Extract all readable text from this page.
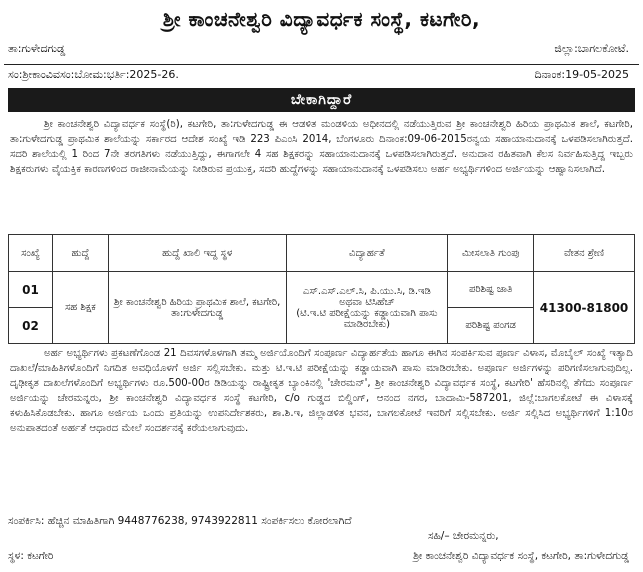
ಶ್ರೀ ಕಾಂಚನೇಶ್ವರಿ ವಿದ್ಯಾವರ್ಧಕ ಸಂಸ್ಥೆ, ಕಟಗೇರಿ,
ತಾ:ಗುಳೇದಗುಡ್ಡ	ಜಿಲ್ಲಾ:ಬಾಗಲಕೋಟೆ.
ಸಂ:ಶ್ರೀಕಾಂವಿವಸಂ:ಬೋಮ:ಭರ್ತಿ:2025-26.	ದಿನಾಂಕ:19-05-2025
ಬೇಕಾಗಿದ್ದಾರೆ
ಶ್ರೀ ಕಾಂಚನೇಶ್ವರಿ ವಿದ್ಯಾವರ್ಧಕ ಸಂಸ್ಥೆ(ರಿ), ಕಟಗೇರಿ, ತಾ:ಗುಳೇದಗುಡ್ಡ ಈ ಆಡಳಿತ ಮಂಡಳಿಯ ಅಧೀನದಲ್ಲಿ ನಡೆಯುತ್ತಿರುವ ಶ್ರೀ ಕಾಂಚನೇಶ್ವರಿ ಹಿರಿಯ ಪ್ರಾಥಮಿಕ ಶಾಲೆ, ಕಟಗೇರಿ, ತಾ:ಗುಳೇದಗುಡ್ಡ ಪ್ರಾಥಮಿಕ ಶಾಲೆಯನ್ನು ಸರ್ಕಾರದ ಆದೇಶ ಸಂಖ್ಯೆ ಇಡಿ 223 ಪಿಎಂಸಿ 2014, ಬೆಂಗಳೂರು ದಿನಾಂಕ:09-06-2015ರನ್ವಯ ಸಹಾಯಾನುದಾನಕ್ಕೆ ಒಳಪಡಿಸಲಾಗಿರುತ್ತದೆ. ಸದರಿ ಶಾಲೆಯಲ್ಲಿ 1 ರಿಂದ 7ನೇ ತರಗತಿಗಳು ನಡೆಯುತ್ತಿದ್ದು, ಈಗಾಗಲೇ 4 ಸಹ ಶಿಕ್ಷಕರನ್ನು ಸಹಾಯಾನುದಾನಕ್ಕೆ ಒಳಪಡಿಸಲಾಗಿರುತ್ತದೆ. ಅನುದಾನ ರಹಿತವಾಗಿ ಕೆಲಸ ನಿರ್ವಹಿಸುತ್ತಿದ್ದ ಇಬ್ಬರು ಶಿಕ್ಷಕರುಗಳು ವೈಯಕ್ತಿಕ ಕಾರಣಗಳಿಂದ ರಾಜೀನಾಮೆಯನ್ನು ನೀಡಿರುವ ಪ್ರಯುಕ್ತ, ಸದರಿ ಹುದ್ದೆಗಳನ್ನು ಸಹಾಯಾನುದಾನಕ್ಕೆ ಒಳಪಡಿಸಲು ಅರ್ಹ ಅಭ್ಯರ್ಥಿಗಳಿಂದ ಅರ್ಜಿಯನ್ನು ಆಹ್ವಾನಿಸಲಾಗಿದೆ.
ಸಂಖ್ಯೆ	ಹುದ್ದೆ	ಹುದ್ದೆ ಖಾಲಿ ಇದ್ದ ಸ್ಥಳ	ವಿದ್ಯಾರ್ಹತೆ	ಮೀಸಲಾತಿ ಗುಂಪು	ವೇತನ ಶ್ರೇಣಿ
01	ಸಹ ಶಿಕ್ಷಕ	ಶ್ರೀ ಕಾಂಚನೇಶ್ವರಿ ಹಿರಿಯ ಪ್ರಾಥಮಿಕ ಶಾಲೆ, ಕಟಗೇರಿ, ತಾ:ಗುಳೇದಗುಡ್ಡ	ಎಸ್.ಎಸ್.ಎಲ್.ಸಿ, ಪಿ.ಯು.ಸಿ, ಡಿ.ಇಡಿ
ಅಥವಾ ಟಿಸಿಹೆಚ್
(ಟಿ.ಇ.ಟಿ ಪರೀಕ್ಷೆಯನ್ನು ಕಡ್ಡಾಯವಾಗಿ ಪಾಸು ಮಾಡಿರಬೇಕು)	ಪರಿಶಿಷ್ಟ ಜಾತಿ	41300-81800
02				ಪರಿಶಿಷ್ಟ ಪಂಗಡ	
ಅರ್ಹ ಅಭ್ಯರ್ಥಿಗಳು ಪ್ರಕಟಣೆಗೊಂಡ 21 ದಿವಸಗಳೊಳಗಾಗಿ ತಮ್ಮ ಅರ್ಜಿಯೊಂದಿಗೆ ಸಂಪೂರ್ಣ ವಿದ್ಯಾರ್ಹತೆಯ ಹಾಗೂ ಈಗಿನ ಸಂಪರ್ಕಿಸುವ ಪೂರ್ಣ ವಿಳಾಸ, ಮೊಬೈಲ್ ಸಂಖ್ಯೆ ಇತ್ಯಾದಿ ದಾಖಲೆ/ಮಾಹಿತಿಗಳೊಂದಿಗೆ ನಿಗದಿತ ಅವಧಿಯೊಳಗೆ ಅರ್ಜಿ ಸಲ್ಲಿಸಬೇಕು. ಮತ್ತು ಟಿ.ಇ.ಟಿ ಪರೀಕ್ಷೆಯನ್ನು ಕಡ್ಡಾಯವಾಗಿ ಪಾಸು ಮಾಡಿರಬೇಕು. ಅಪೂರ್ಣ ಅರ್ಜಿಗಳನ್ನು ಪರಿಗಣಿಸಲಾಗುವುದಿಲ್ಲ. ದೃಢೀಕೃತ ದಾಖಲೆಗಳೊಂದಿಗೆ ಅಭ್ಯರ್ಥಿಗಳು ರೂ.500-00ರ ಡಿಡಿಯನ್ನು ರಾಷ್ಟ್ರೀಕೃತ ಬ್ಯಾಂಕಿನಲ್ಲಿ 'ಚೇರಮನ್', ಶ್ರೀ ಕಾಂಚನೇಶ್ವರಿ ವಿದ್ಯಾವರ್ಧಕ ಸಂಸ್ಥೆ, ಕಟಗೇರಿ' ಹೆಸರಿನಲ್ಲಿ ತೆಗೆದು ಸಂಪೂರ್ಣ ಅರ್ಜಿಯನ್ನು ಚೇರಮನ್ನರು, ಶ್ರೀ ಕಾಂಚನೇಶ್ವರಿ ವಿದ್ಯಾವರ್ಧಕ ಸಂಸ್ಥೆ ಕಟಗೇರಿ, c/o ಗುಡ್ಡದ ಬಿಲ್ಡಿಂಗ್, ಆನಂದ ನಗರ, ಬಾದಾಮಿ-587201, ಜಿಲ್ಲೆ:ಬಾಗಲಕೋಟೆ ಈ ವಿಳಾಸಕ್ಕೆ ಕಳುಹಿಸಿಕೊಡಬೇಕು. ಹಾಗೂ ಅರ್ಜಿಯ ಒಂದು ಪ್ರತಿಯನ್ನು ಉಪನಿರ್ದೇಶಕರು, ಶಾ.ಶಿ.ಇ, ಜಿಲ್ಲಾಡಳಿತ ಭವನ, ಬಾಗಲಕೋಟೆ ಇವರಿಗೆ ಸಲ್ಲಿಸಬೇಕು. ಅರ್ಜಿ ಸಲ್ಲಿಸಿದ ಅಭ್ಯರ್ಥಿಗಳಿಗೆ 1:10ರ ಅನುಪಾತದಂತೆ ಅರ್ಹತೆ ಆಧಾರದ ಮೇಲೆ ಸಂದರ್ಶನಕ್ಕೆ ಕರೆಯಲಾಗುವುದು.
ಸಂಪರ್ಕಿಸಿ: ಹೆಚ್ಚಿನ ಮಾಹಿತಿಗಾಗಿ 9448776238, 9743922811 ಸಂಪರ್ಕಿಸಲು ಕೋರಲಾಗಿದೆ
ಸಹಿ/– ಚೇರಮನ್ನರು,
ಸ್ಥಳ: ಕಟಗೇರಿ	ಶ್ರೀ ಕಾಂಚನೇಶ್ವರಿ ವಿದ್ಯಾವರ್ಧಕ ಸಂಸ್ಥೆ, ಕಟಗೇರಿ, ತಾ:ಗುಳೇದಗುಡ್ಡ
